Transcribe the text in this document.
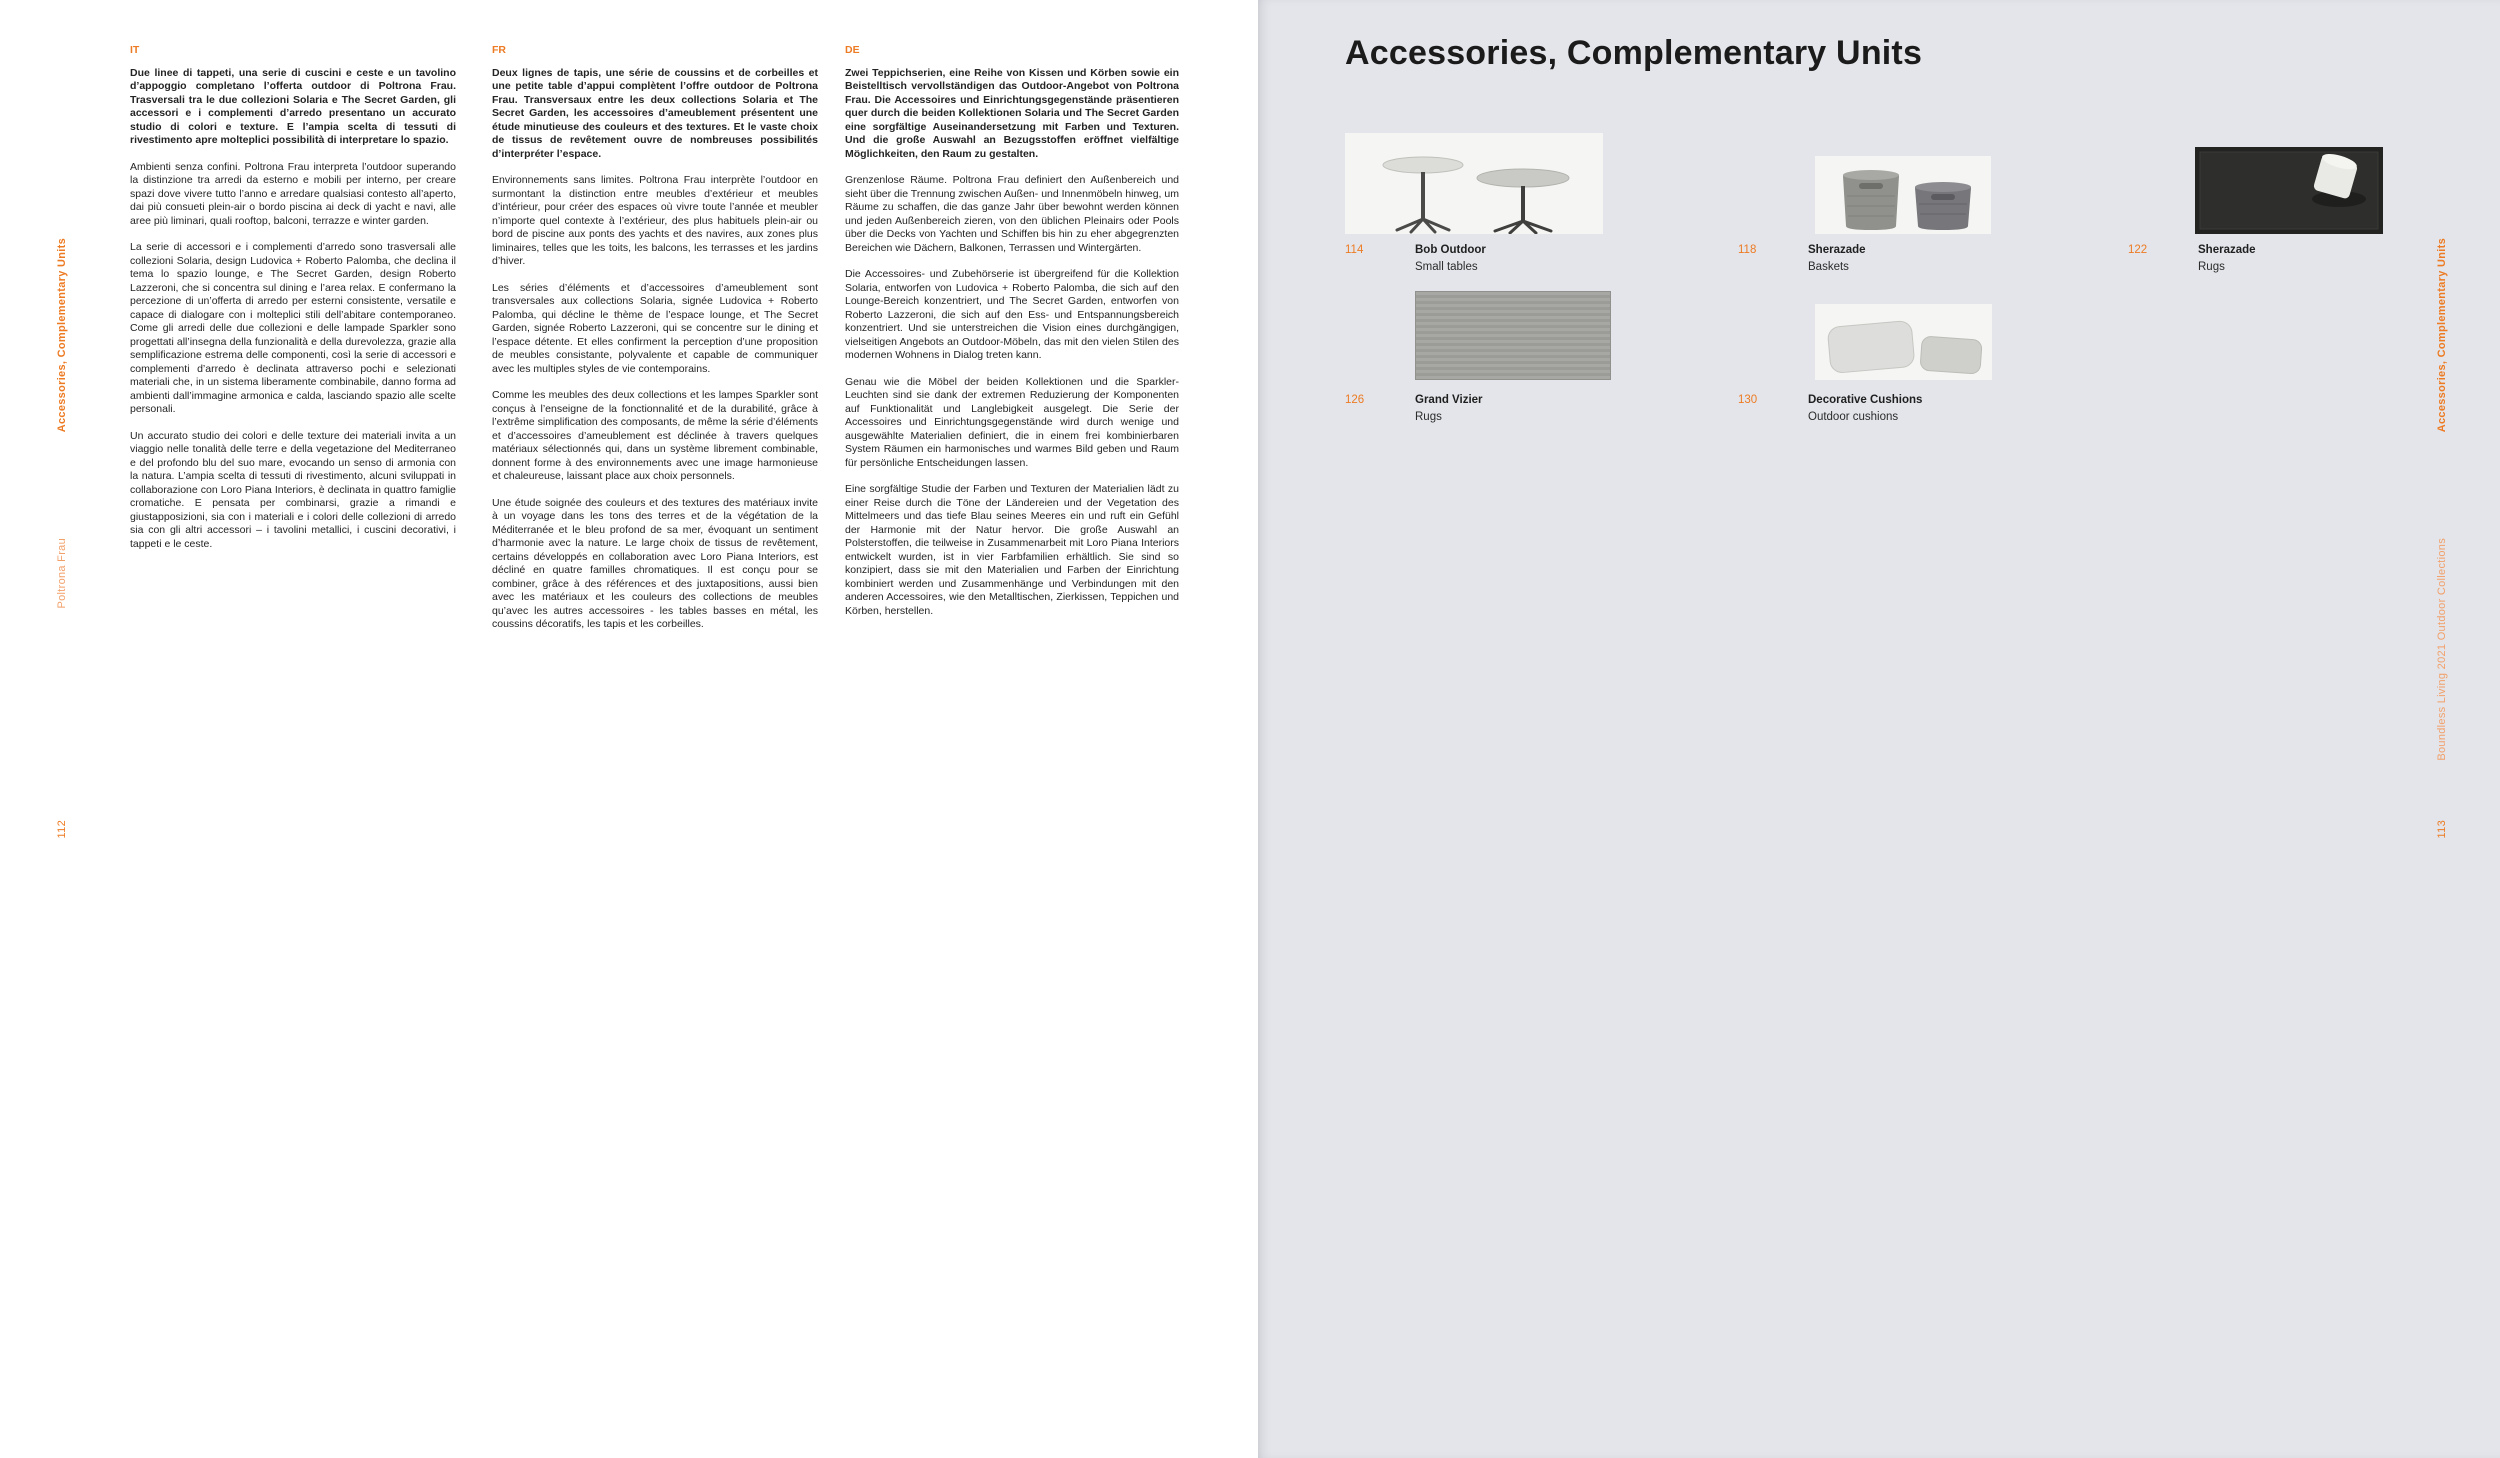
Accessories, Complementary Units
Poltrona Frau
112
IT

Due linee di tappeti, una serie di cuscini e ceste e un tavolino d’appoggio completano l’offerta outdoor di Poltrona Frau. Trasversali tra le due collezioni Solaria e The Secret Garden, gli accessori e i complementi d’arredo presentano un accurato studio di colori e texture. E l’ampia scelta di tessuti di rivestimento apre molteplici possibilità di interpretare lo spazio.

Ambienti senza confini. Poltrona Frau interpreta l’outdoor superando la distinzione tra arredi da esterno e mobili per interno, per creare spazi dove vivere tutto l’anno e arredare qualsiasi contesto all’aperto, dai più consueti plein-air o bordo piscina ai deck di yacht e navi, alle aree più liminari, quali rooftop, balconi, terrazze e winter garden.

La serie di accessori e i complementi d’arredo sono trasversali alle collezioni Solaria, design Ludovica + Roberto Palomba, che declina il tema lo spazio lounge, e The Secret Garden, design Roberto Lazzeroni, che si concentra sul dining e l’area relax. E confermano la percezione di un’offerta di arredo per esterni consistente, versatile e capace di dialogare con i molteplici stili dell’abitare contemporaneo. Come gli arredi delle due collezioni e delle lampade Sparkler sono progettati all’insegna della funzionalità e della durevolezza, grazie alla semplificazione estrema delle componenti, così la serie di accessori e complementi d’arredo è declinata attraverso pochi e selezionati materiali che, in un sistema liberamente combinabile, danno forma ad ambienti dall’immagine armonica e calda, lasciando spazio alle scelte personali.

Un accurato studio dei colori e delle texture dei materiali invita a un viaggio nelle tonalità delle terre e della vegetazione del Mediterraneo e del profondo blu del suo mare, evocando un senso di armonia con la natura. L’ampia scelta di tessuti di rivestimento, alcuni sviluppati in collaborazione con Loro Piana Interiors, è declinata in quattro famiglie cromatiche. E pensata per combinarsi, grazie a rimandi e giustapposizioni, sia con i materiali e i colori delle collezioni di arredo sia con gli altri accessori – i tavolini metallici, i cuscini decorativi, i tappeti e le ceste.

FR

Deux lignes de tapis, une série de coussins et de corbeilles et une petite table d’appui complètent l’offre outdoor de Poltrona Frau. Transversaux entre les deux collections Solaria et The Secret Garden, les accessoires d’ameublement présentent une étude minutieuse des couleurs et des textures. Et le vaste choix de tissus de revêtement ouvre de nombreuses possibilités d’interpréter l’espace.

Environnements sans limites. Poltrona Frau interprète l’outdoor en surmontant la distinction entre meubles d’extérieur et meubles d’intérieur, pour créer des espaces où vivre toute l’année et meubler n’importe quel contexte à l’extérieur, des plus habituels plein-air ou bord de piscine aux ponts des yachts et des navires, aux zones plus liminaires, telles que les toits, les balcons, les terrasses et les jardins d’hiver.

Les séries d’éléments et d’accessoires d’ameublement sont transversales aux collections Solaria, signée Ludovica + Roberto Palomba, qui décline le thème de l’espace lounge, et The Secret Garden, signée Roberto Lazzeroni, qui se concentre sur le dining et l’espace détente. Et elles confirment la perception d’une proposition de meubles consistante, polyvalente et capable de communiquer avec les multiples styles de vie contemporains.

Comme les meubles des deux collections et les lampes Sparkler sont conçus à l’enseigne de la fonctionnalité et de la durabilité, grâce à l’extrême simplification des composants, de même la série d’éléments et d’accessoires d’ameublement est déclinée à travers quelques matériaux sélectionnés qui, dans un système librement combinable, donnent forme à des environnements avec une image harmonieuse et chaleureuse, laissant place aux choix personnels.

Une étude soignée des couleurs et des textures des matériaux invite à un voyage dans les tons des terres et de la végétation de la Méditerranée et le bleu profond de sa mer, évoquant un sentiment d’harmonie avec la nature. Le large choix de tissus de revêtement, certains développés en collaboration avec Loro Piana Interiors, est décliné en quatre familles chromatiques. Il est conçu pour se combiner, grâce à des références et des juxtapositions, aussi bien avec les matériaux et les couleurs des collections de meubles qu’avec les autres accessoires - les tables basses en métal, les coussins décoratifs, les tapis et les corbeilles.

DE

Zwei Teppichserien, eine Reihe von Kissen und Körben sowie ein Beistelltisch vervollständigen das Outdoor-Angebot von Poltrona Frau. Die Accessoires und Einrichtungsgegenstände präsentieren quer durch die beiden Kollektionen Solaria und The Secret Garden eine sorgfältige Auseinandersetzung mit Farben und Texturen. Und die große Auswahl an Bezugsstoffen eröffnet vielfältige Möglichkeiten, den Raum zu gestalten.

Grenzenlose Räume. Poltrona Frau definiert den Außenbereich und sieht über die Trennung zwischen Außen- und Innenmöbeln hinweg, um Räume zu schaffen, die das ganze Jahr über bewohnt werden können und jeden Außenbereich zieren, von den üblichen Pleinairs oder Pools über die Decks von Yachten und Schiffen bis hin zu eher abgegrenzten Bereichen wie Dächern, Balkonen, Terrassen und Wintergärten.

Die Accessoires- und Zubehörserie ist übergreifend für die Kollektion Solaria, entworfen von Ludovica + Roberto Palomba, die sich auf den Lounge-Bereich konzentriert, und The Secret Garden, entworfen von Roberto Lazzeroni, die sich auf den Ess- und Entspannungsbereich konzentriert. Und sie unterstreichen die Vision eines durchgängigen, vielseitigen Angebots an Outdoor-Möbeln, das mit den vielen Stilen des modernen Wohnens in Dialog treten kann.

Genau wie die Möbel der beiden Kollektionen und die Sparkler-Leuchten sind sie dank der extremen Reduzierung der Komponenten auf Funktionalität und Langlebigkeit ausgelegt. Die Serie der Accessoires und Einrichtungsgegenstände wird durch wenige und ausgewählte Materialien definiert, die in einem frei kombinierbaren System Räumen ein harmonisches und warmes Bild geben und Raum für persönliche Entscheidungen lassen.

Eine sorgfältige Studie der Farben und Texturen der Materialien lädt zu einer Reise durch die Töne der Ländereien und der Vegetation des Mittelmeers und das tiefe Blau seines Meeres ein und ruft ein Gefühl der Harmonie mit der Natur hervor. Die große Auswahl an Polsterstoffen, die teilweise in Zusammenarbeit mit Loro Piana Interiors entwickelt wurden, ist in vier Farbfamilien erhältlich. Sie sind so konzipiert, dass sie mit den Materialien und Farben der Einrichtung kombiniert werden und Zusammenhänge und Verbindungen mit den anderen Accessoires, wie den Metalltischen, Zierkissen, Teppichen und Körben, herstellen.

Accessories, Complementary Units
Accessories, Complementary Units
Boundless Living 2021 Outdoor Collections
113
114	Bob Outdoor
Small tables
118	Sherazade
Baskets
122	Sherazade
Rugs
126	Grand Vizier
Rugs
130	Decorative Cushions
Outdoor cushions
